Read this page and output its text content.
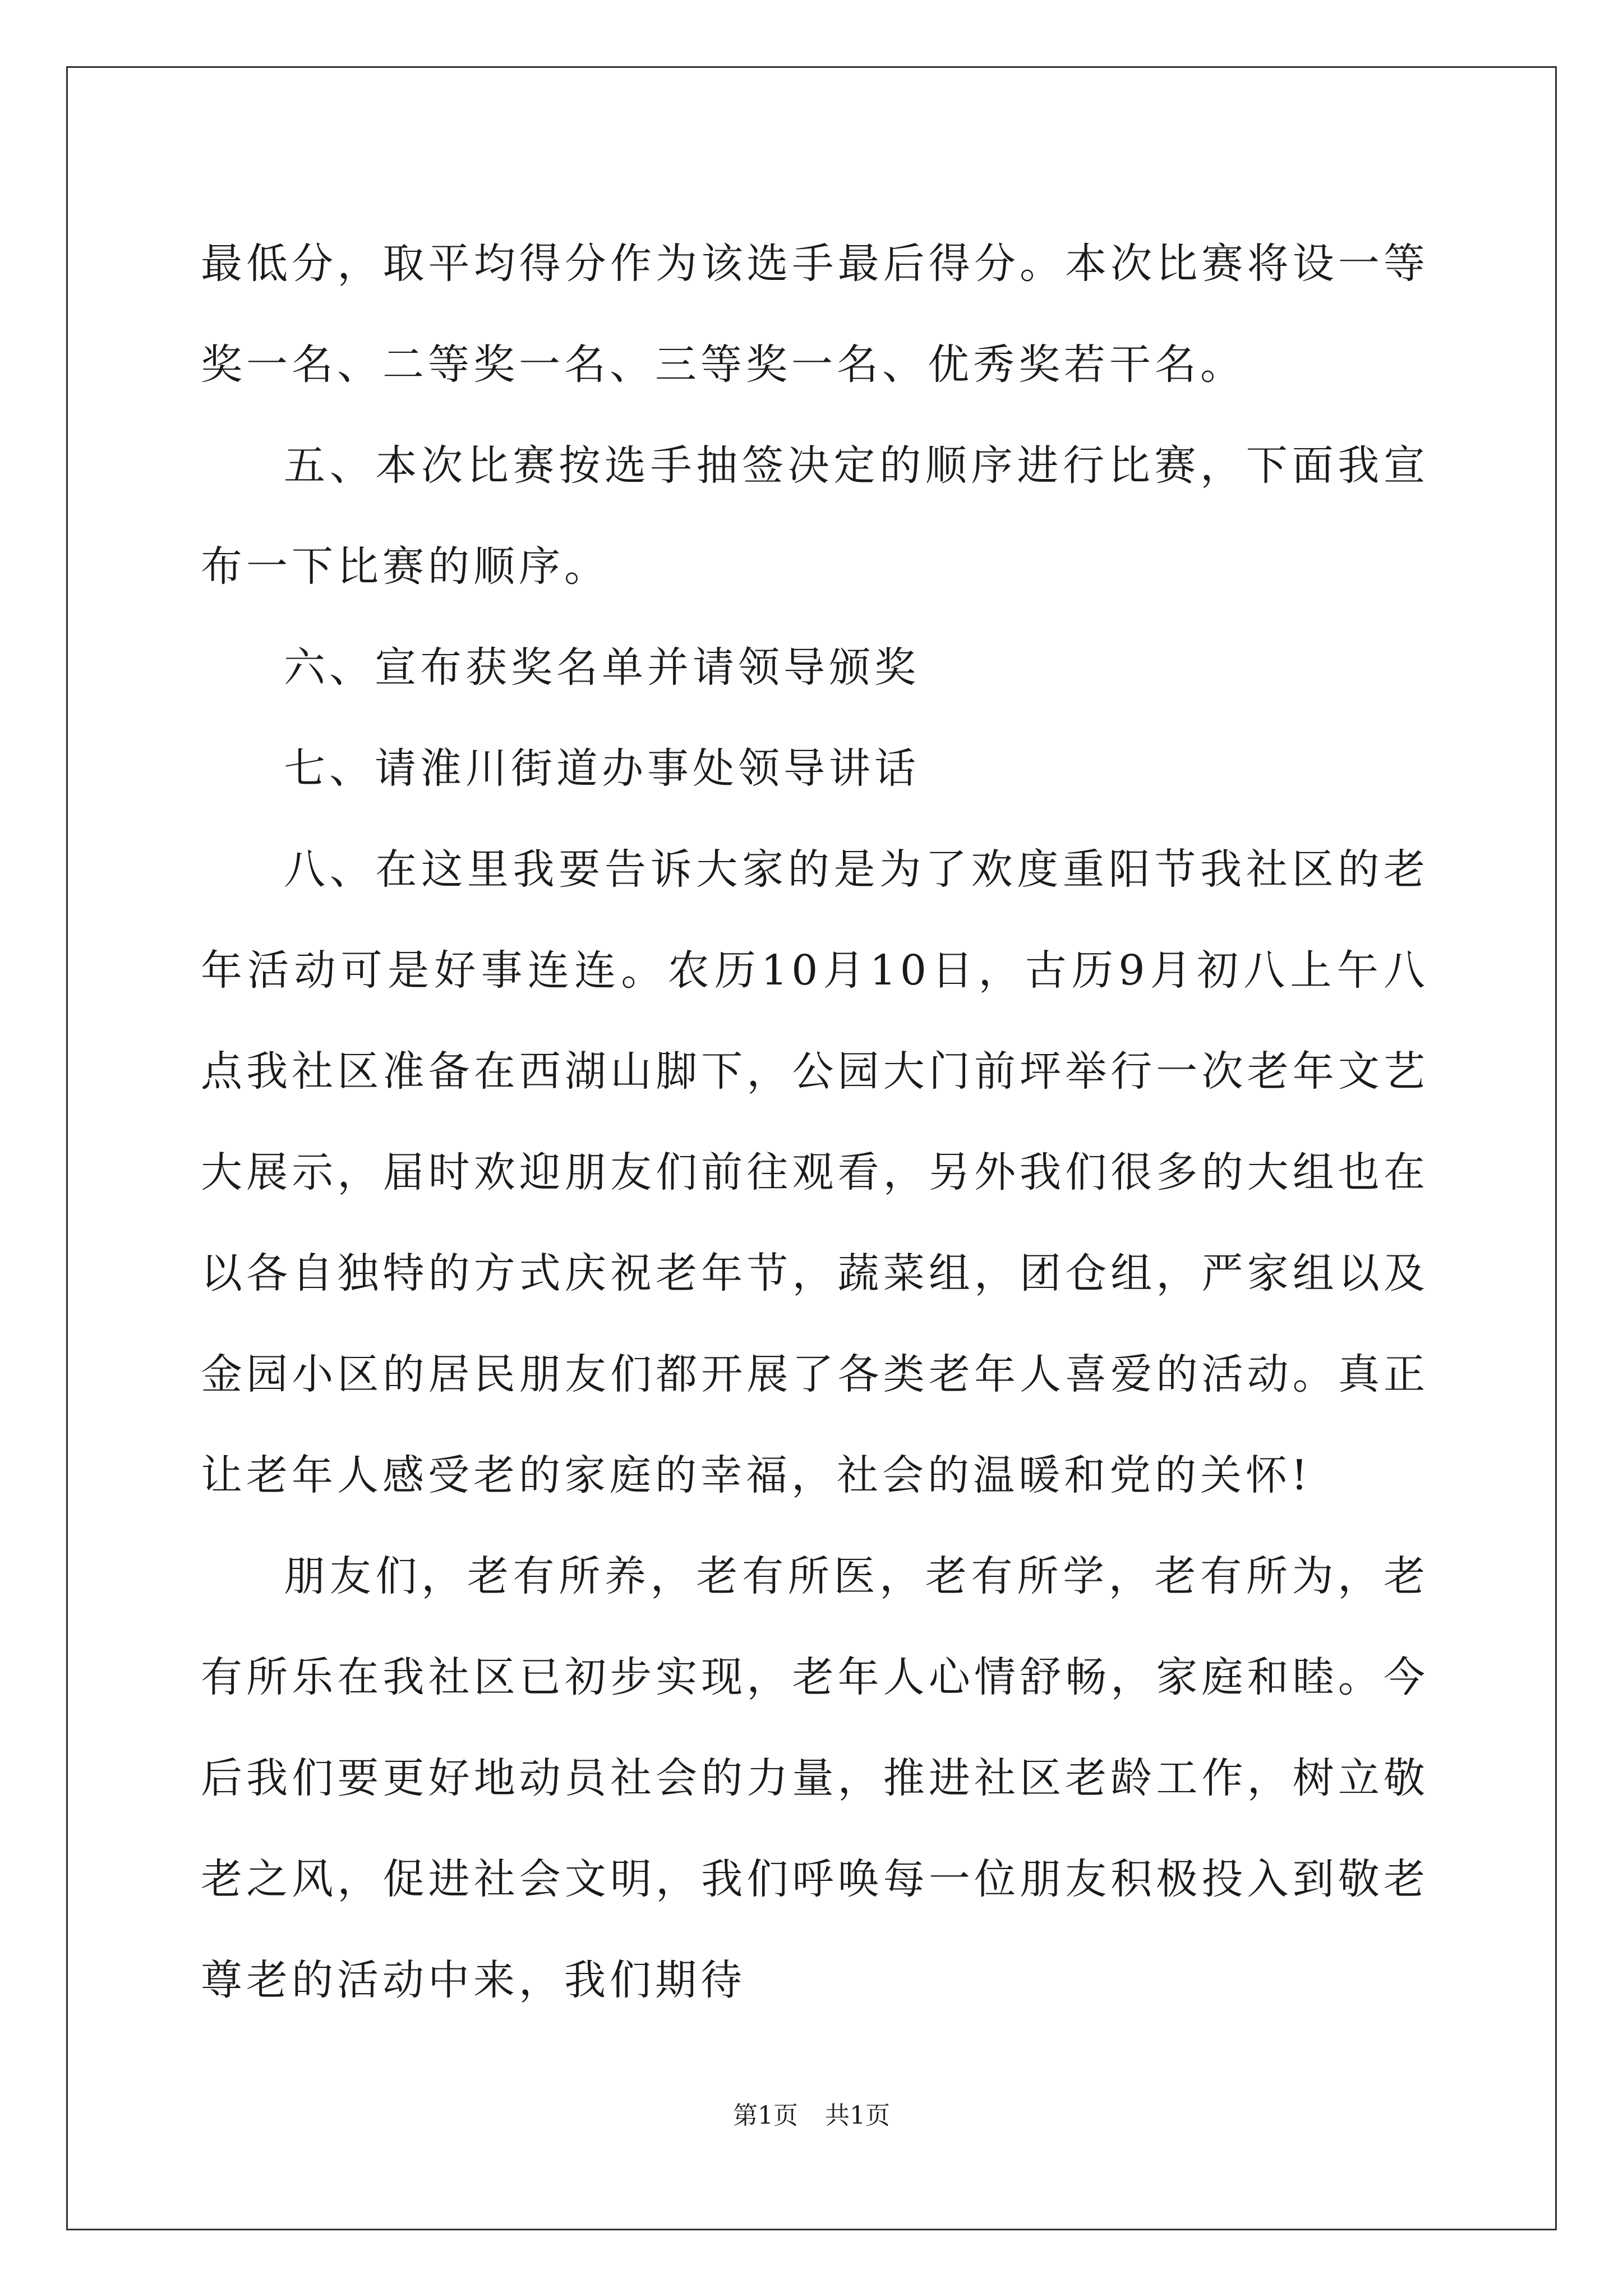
最低分，取平均得分作为该选手最后得分。本次比赛将设一等奖一名、二等奖一名、三等奖一名、优秀奖若干名。

五、本次比赛按选手抽签决定的顺序进行比赛，下面我宣布一下比赛的顺序。

六、宣布获奖名单并请领导颁奖

七、请淮川街道办事处领导讲话

八、在这里我要告诉大家的是为了欢度重阳节我社区的老年活动可是好事连连。农历10月10日，古历9月初八上午八点我社区准备在西湖山脚下，公园大门前坪举行一次老年文艺大展示，届时欢迎朋友们前往观看，另外我们很多的大组也在以各自独特的方式庆祝老年节，蔬菜组，团仓组，严家组以及金园小区的居民朋友们都开展了各类老年人喜爱的活动。真正让老年人感受老的家庭的幸福，社会的温暖和党的关怀!

朋友们，老有所养，老有所医，老有所学，老有所为，老有所乐在我社区已初步实现，老年人心情舒畅，家庭和睦。今后我们要更好地动员社会的力量，推进社区老龄工作，树立敬老之风，促进社会文明，我们呼唤每一位朋友积极投入到敬老尊老的活动中来，我们期待

第1页 共1页
